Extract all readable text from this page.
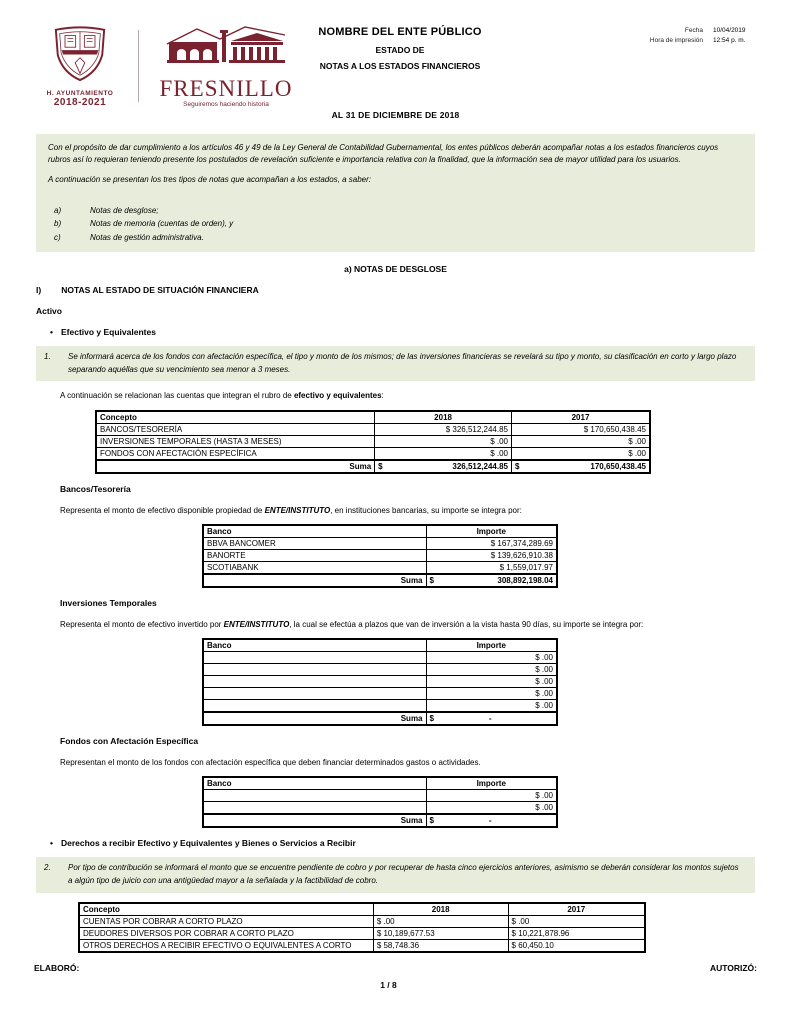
H. AYUNTAMIENTO
2018-2021
FRESNILLO
Seguiremos haciendo historia
NOMBRE DEL ENTE PÚBLICO
ESTADO DE
NOTAS A LOS ESTADOS FINANCIEROS
Fecha 10/04/2019
Hora de impresión 12:54 p. m.
AL 31 DE DICIEMBRE DE 2018

Con el propósito de dar cumplimiento a los artículos 46 y 49 de la Ley General de Contabilidad Gubernamental, los entes públicos deberán acompañar notas a los estados financieros cuyos rubros así lo requieran teniendo presente los postulados de revelación suficiente e importancia relativa con la finalidad, que la información sea de mayor utilidad para los usuarios.

A continuación se presentan los tres tipos de notas que acompañan a los estados, a saber:

a)	Notas de desglose;
b)	Notas de memoria (cuentas de orden), y
c)	Notas de gestión administrativa.
a) NOTAS DE DESGLOSE
I) NOTAS AL ESTADO DE SITUACIÓN FINANCIERA
Activo
• Efectivo y Equivalentes
1.	Se informará acerca de los fondos con afectación específica, el tipo y monto de los mismos; de las inversiones financieras se revelará su tipo y monto, su clasificación en corto y largo plazo separando aquéllas que su vencimiento sea menor a 3 meses.
A continuación se relacionan las cuentas que integran el rubro de efectivo y equivalentes:
Concepto	2018	2017
BANCOS/TESORERÍA	$ 326,512,244.85	$ 170,650,438.45
INVERSIONES TEMPORALES (HASTA 3 MESES)	$ .00	$ .00
FONDOS CON AFECTACIÓN ESPECÍFICA	$ .00	$ .00
Suma	$ 326,512,244.85	$ 170,650,438.45
Bancos/Tesorería
Representa el monto de efectivo disponible propiedad de ENTE/INSTITUTO, en instituciones bancarias, su importe se integra por:
Banco	Importe
BBVA BANCOMER	$ 167,374,289.69
BANORTE	$ 139,626,910.38
SCOTIABANK	$ 1,559,017.97
Suma	$ 308,892,198.04
Inversiones Temporales
Representa el monto de efectivo invertido por ENTE/INSTITUTO, la cual se efectúa a plazos que van de inversión a la vista hasta 90 días, su importe se integra por:
Banco	Importe
	$ .00
	$ .00
	$ .00
	$ .00
	$ .00
Suma	$ -

Fondos con Afectación Específica
Representan el monto de los fondos con afectación específica que deben financiar determinados gastos o actividades.
Banco	Importe
	$ .00
	$ .00
Suma	$ -

• Derechos a recibir Efectivo y Equivalentes y Bienes o Servicios a Recibir
2.	Por tipo de contribución se informará el monto que se encuentre pendiente de cobro y por recuperar de hasta cinco ejercicios anteriores, asimismo se deberán considerar los montos sujetos a algún tipo de juicio con una antigüedad mayor a la señalada y la factibilidad de cobro.
Concepto	2018	2017
CUENTAS POR COBRAR A CORTO PLAZO	$ .00	$ .00
DEUDORES DIVERSOS POR COBRAR A CORTO PLAZO	$ 10,189,677.53	$ 10,221,878.96
OTROS DERECHOS A RECIBIR EFECTIVO O EQUIVALENTES A CORTO	$ 58,748.36	$ 60,450.10
ELABORÓ:	AUTORIZÓ:
1 / 8
